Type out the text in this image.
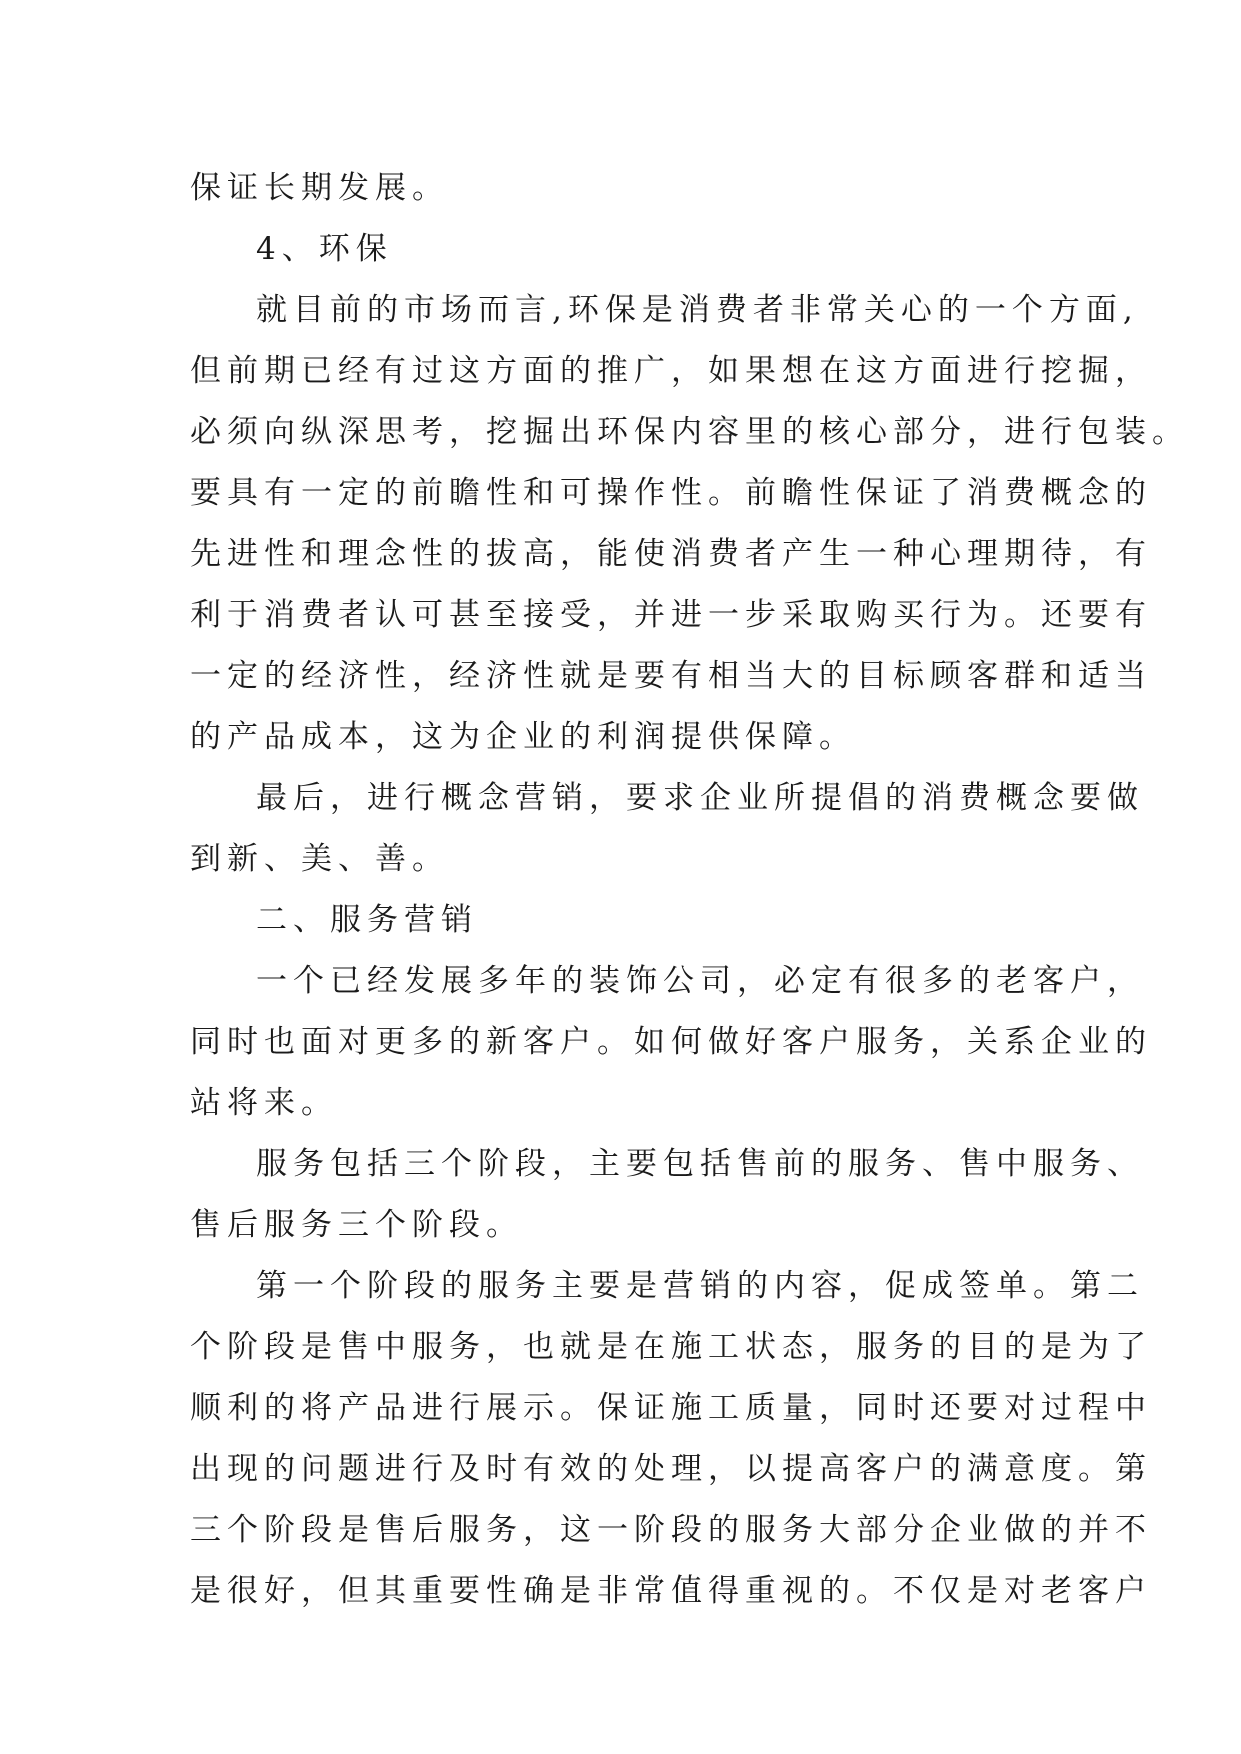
保证长期发展。
4、环保
就目前的市场而言,环保是消费者非常关心的一个方面,
但前期已经有过这方面的推广，如果想在这方面进行挖掘，
必须向纵深思考，挖掘出环保内容里的核心部分，进行包装。
要具有一定的前瞻性和可操作性。前瞻性保证了消费概念的
先进性和理念性的拔高，能使消费者产生一种心理期待，有
利于消费者认可甚至接受，并进一步采取购买行为。还要有
一定的经济性，经济性就是要有相当大的目标顾客群和适当
的产品成本，这为企业的利润提供保障。
最后，进行概念营销，要求企业所提倡的消费概念要做
到新、美、善。
二、服务营销
一个已经发展多年的装饰公司，必定有很多的老客户，
同时也面对更多的新客户。如何做好客户服务，关系企业的
站将来。
服务包括三个阶段，主要包括售前的服务、售中服务、
售后服务三个阶段。
第一个阶段的服务主要是营销的内容，促成签单。第二
个阶段是售中服务，也就是在施工状态，服务的目的是为了
顺利的将产品进行展示。保证施工质量，同时还要对过程中
出现的问题进行及时有效的处理，以提高客户的满意度。第
三个阶段是售后服务，这一阶段的服务大部分企业做的并不
是很好，但其重要性确是非常值得重视的。不仅是对老客户
